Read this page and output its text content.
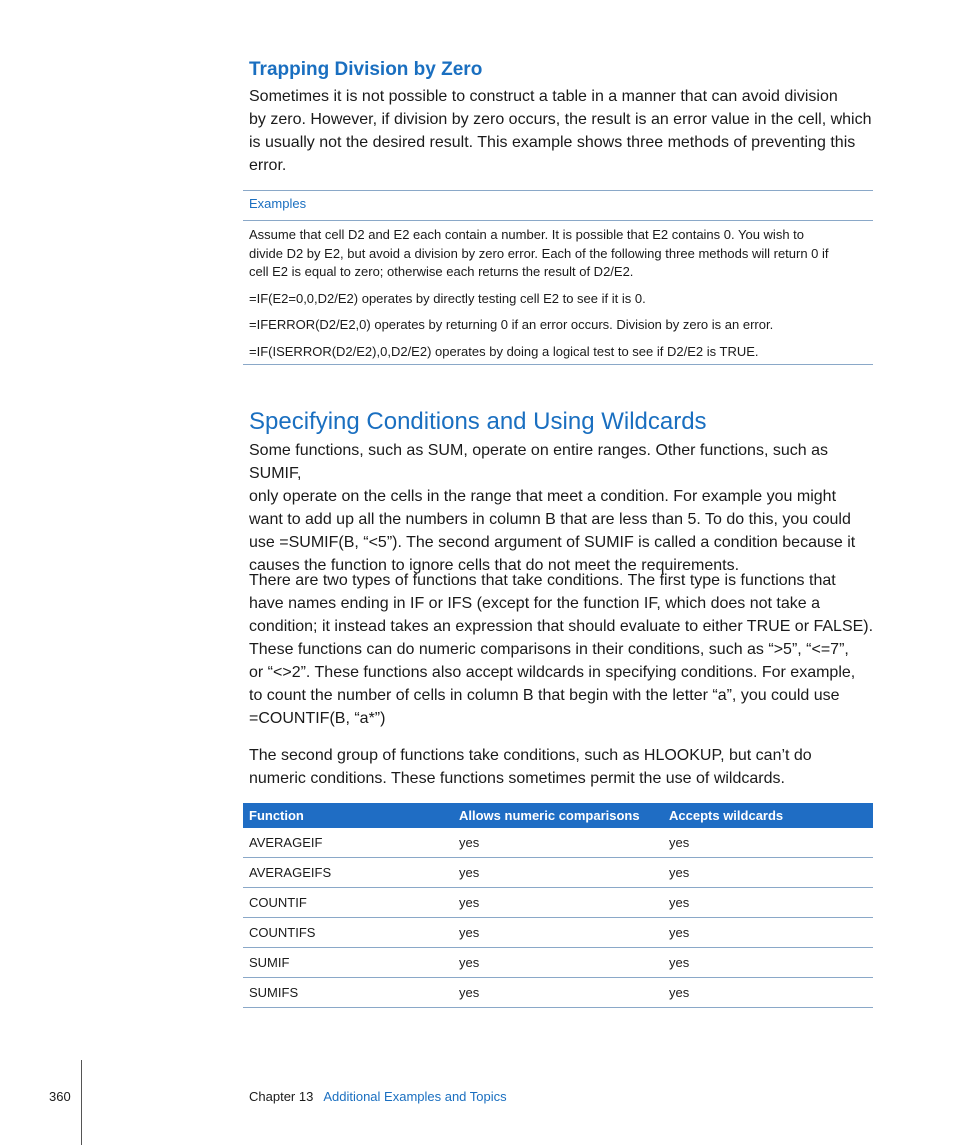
Trapping Division by Zero
Sometimes it is not possible to construct a table in a manner that can avoid division
by zero. However, if division by zero occurs, the result is an error value in the cell, which
is usually not the desired result. This example shows three methods of preventing this
error.
Examples

Assume that cell D2 and E2 each contain a number. It is possible that E2 contains 0. You wish to
divide D2 by E2, but avoid a division by zero error. Each of the following three methods will return 0 if
cell E2 is equal to zero; otherwise each returns the result of D2/E2.

=IF(E2=0,0,D2/E2) operates by directly testing cell E2 to see if it is 0.

=IFERROR(D2/E2,0) operates by returning 0 if an error occurs. Division by zero is an error.

=IF(ISERROR(D2/E2),0,D2/E2) operates by doing a logical test to see if D2/E2 is TRUE.

Specifying Conditions and Using Wildcards
Some functions, such as SUM, operate on entire ranges. Other functions, such as SUMIF,
only operate on the cells in the range that meet a condition. For example you might
want to add up all the numbers in column B that are less than 5. To do this, you could
use =SUMIF(B, “<5”). The second argument of SUMIF is called a condition because it
causes the function to ignore cells that do not meet the requirements.
There are two types of functions that take conditions. The first type is functions that
have names ending in IF or IFS (except for the function IF, which does not take a
condition; it instead takes an expression that should evaluate to either TRUE or FALSE).
These functions can do numeric comparisons in their conditions, such as “>5”, “<=7”,
or “<>2”. These functions also accept wildcards in specifying conditions. For example,
to count the number of cells in column B that begin with the letter “a”, you could use
=COUNTIF(B, “a*”)
The second group of functions take conditions, such as HLOOKUP, but can’t do
numeric conditions. These functions sometimes permit the use of wildcards.
Function	Allows numeric comparisons	Accepts wildcards
AVERAGEIF	yes	yes
AVERAGEIFS	yes	yes
COUNTIF	yes	yes
COUNTIFS	yes	yes
SUMIF	yes	yes
SUMIFS	yes	yes
360	Chapter 13 Additional Examples and Topics
